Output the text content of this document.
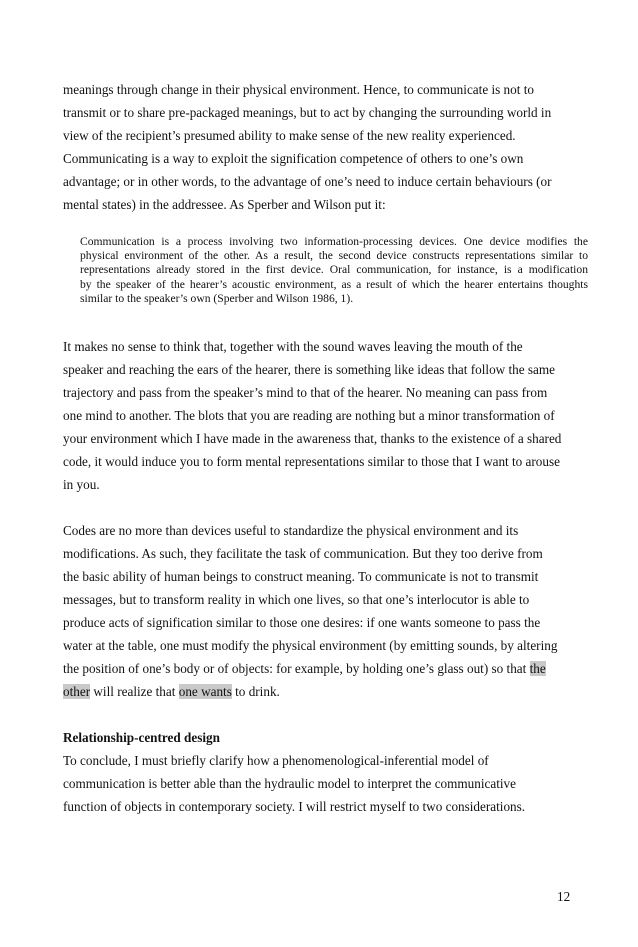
meanings through change in their physical environment. Hence, to communicate is not to
transmit or to share pre-packaged meanings, but to act by changing the surrounding world in
view of the recipient’s presumed ability to make sense of the new reality experienced.
Communicating is a way to exploit the signification competence of others to one’s own
advantage; or in other words, to the advantage of one’s need to induce certain behaviours (or
mental states) in the addressee. As Sperber and Wilson put it:
Communication is a process involving two information-processing devices. One device modifies the
physical environment of the other. As a result, the second device constructs representations similar to
representations already stored in the first device. Oral communication, for instance, is a modification
by the speaker of the hearer’s acoustic environment, as a result of which the hearer entertains thoughts
similar to the speaker’s own (Sperber and Wilson 1986, 1).
It makes no sense to think that, together with the sound waves leaving the mouth of the
speaker and reaching the ears of the hearer, there is something like ideas that follow the same
trajectory and pass from the speaker’s mind to that of the hearer. No meaning can pass from
one mind to another. The blots that you are reading are nothing but a minor transformation of
your environment which I have made in the awareness that, thanks to the existence of a shared
code, it would induce you to form mental representations similar to those that I want to arouse
in you.
Codes are no more than devices useful to standardize the physical environment and its
modifications. As such, they facilitate the task of communication. But they too derive from
the basic ability of human beings to construct meaning. To communicate is not to transmit
messages, but to transform reality in which one lives, so that one’s interlocutor is able to
produce acts of signification similar to those one desires: if one wants someone to pass the
water at the table, one must modify the physical environment (by emitting sounds, by altering
the position of one’s body or of objects: for example, by holding one’s glass out) so that the
other will realize that one wants to drink.
Relationship-centred design
To conclude, I must briefly clarify how a phenomenological-inferential model of
communication is better able than the hydraulic model to interpret the communicative
function of objects in contemporary society. I will restrict myself to two considerations.
12
